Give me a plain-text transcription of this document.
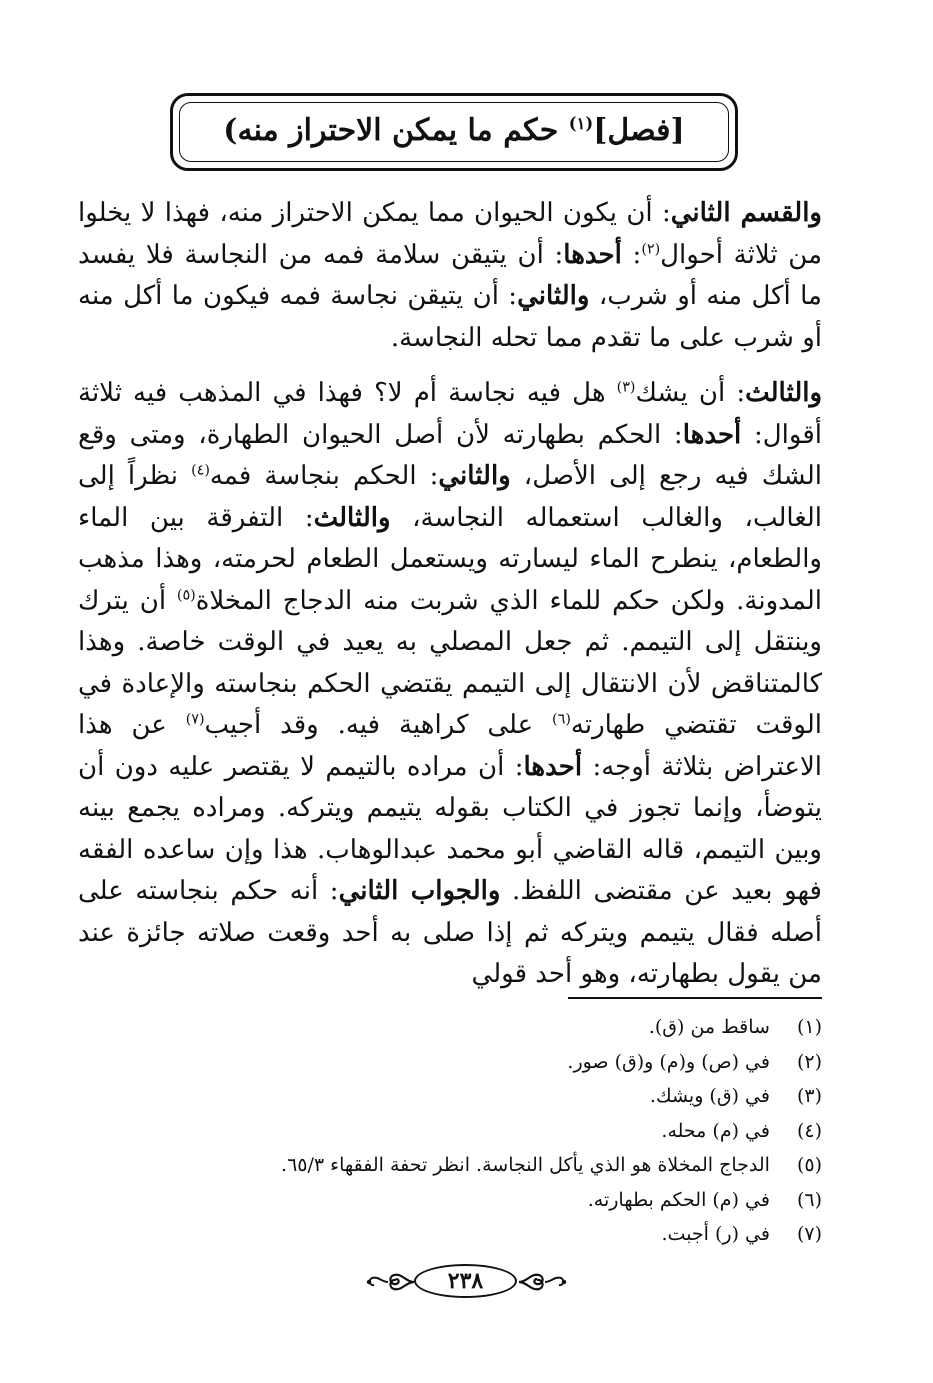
[فصل]$^{(١)}$ حكم ما يمكن الاحتراز منه)

والقسم الثاني: أن يكون الحيوان مما يمكن الاحتراز منه، فهذا لا يخلوا من ثلاثة أحوال$^{(٢)}$: أحدها: أن يتيقن سلامة فمه من النجاسة فلا يفسد ما أكل منه أو شرب، والثاني: أن يتيقن نجاسة فمه فيكون ما أكل منه أو شرب على ما تقدم مما تحله النجاسة.

والثالث: أن يشك$^{(٣)}$ هل فيه نجاسة أم لا؟ فهذا في المذهب فيه ثلاثة أقوال: أحدها: الحكم بطهارته لأن أصل الحيوان الطهارة، ومتى وقع الشك فيه رجع إلى الأصل، والثاني: الحكم بنجاسة فمه$^{(٤)}$ نظراً إلى الغالب، والغالب استعماله النجاسة، والثالث: التفرقة بين الماء والطعام، ينطرح الماء ليسارته ويستعمل الطعام لحرمته، وهذا مذهب المدونة. ولكن حكم للماء الذي شربت منه الدجاج المخلاة$^{(٥)}$ أن يترك وينتقل إلى التيمم. ثم جعل المصلي به يعيد في الوقت خاصة. وهذا كالمتناقض لأن الانتقال إلى التيمم يقتضي الحكم بنجاسته والإعادة في الوقت تقتضي طهارته$^{(٦)}$ على كراهية فيه. وقد أجيب$^{(٧)}$ عن هذا الاعتراض بثلاثة أوجه: أحدها: أن مراده بالتيمم لا يقتصر عليه دون أن يتوضأ، وإنما تجوز في الكتاب بقوله يتيمم ويتركه. ومراده يجمع بينه وبين التيمم، قاله القاضي أبو محمد عبدالوهاب. هذا وإن ساعده الفقه فهو بعيد عن مقتضى اللفظ. والجواب الثاني: أنه حكم بنجاسته على أصله فقال يتيمم ويتركه ثم إذا صلى به أحد وقعت صلاته جائزة عند من يقول بطهارته، وهو أحد قولي

(١) ساقط من (ق).
(٢) في (ص) و(م) و(ق) صور.
(٣) في (ق) ويشك.
(٤) في (م) محله.
(٥) الدجاج المخلاة هو الذي يأكل النجاسة. انظر تحفة الفقهاء ٦٥/٣.
(٦) في (م) الحكم بطهارته.
(٧) في (ر) أجبت.
٢٣٨
